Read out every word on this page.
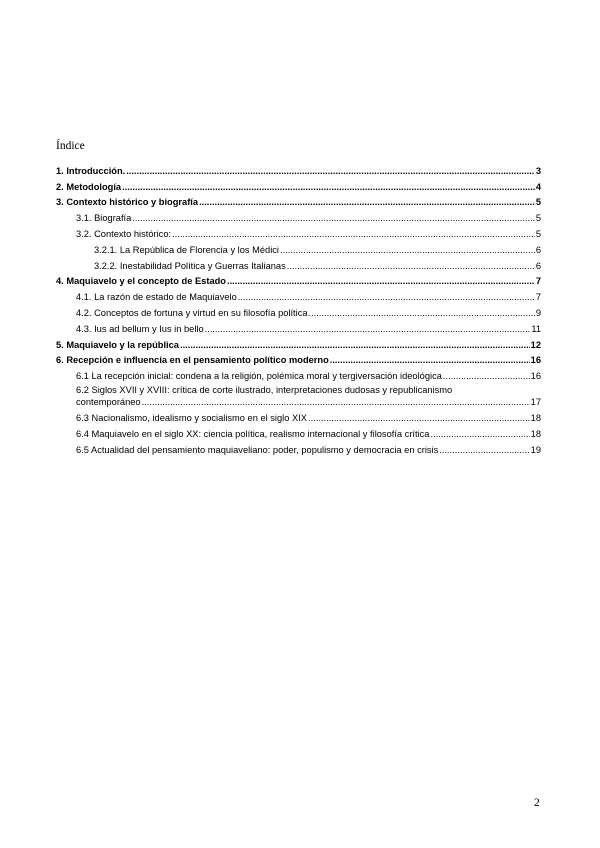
Índice
1. Introducción. .....	3
2. Metodología .....	4
3. Contexto histórico y biografía .....	5
3.1. Biografía .....	5
3.2. Contexto histórico: .....	5
3.2.1. La República de Florencia y los Médici .....	6
3.2.2. Inestabilidad Política y Guerras Italianas .....	6
4. Maquiavelo y el concepto de Estado .....	7
4.1. La razón de estado de Maquiavelo .....	7
4.2. Conceptos de fortuna y virtud en su filosofía política .....	9
4.3. Ius ad bellum y Ius in bello .....	11
5. Maquiavelo y la república .....	12
6. Recepción e influencia en el pensamiento político moderno .....	16
6.1 La recepción inicial: condena a la religión, polémica moral y tergiversación ideológica .....	16
6.2 Siglos XVII y XVIII: crítica de corte ilustrado, interpretaciones dudosas y republicanismo
contemporáneo .....	17
6.3 Nacionalismo, idealismo y socialismo en el siglo XIX .....	18
6.4 Maquiavelo en el siglo XX: ciencia política, realismo internacional y filosofía crítica .....	18
6.5 Actualidad del pensamiento maquiaveliano: poder, populismo y democracia en crisis .....	19
2
